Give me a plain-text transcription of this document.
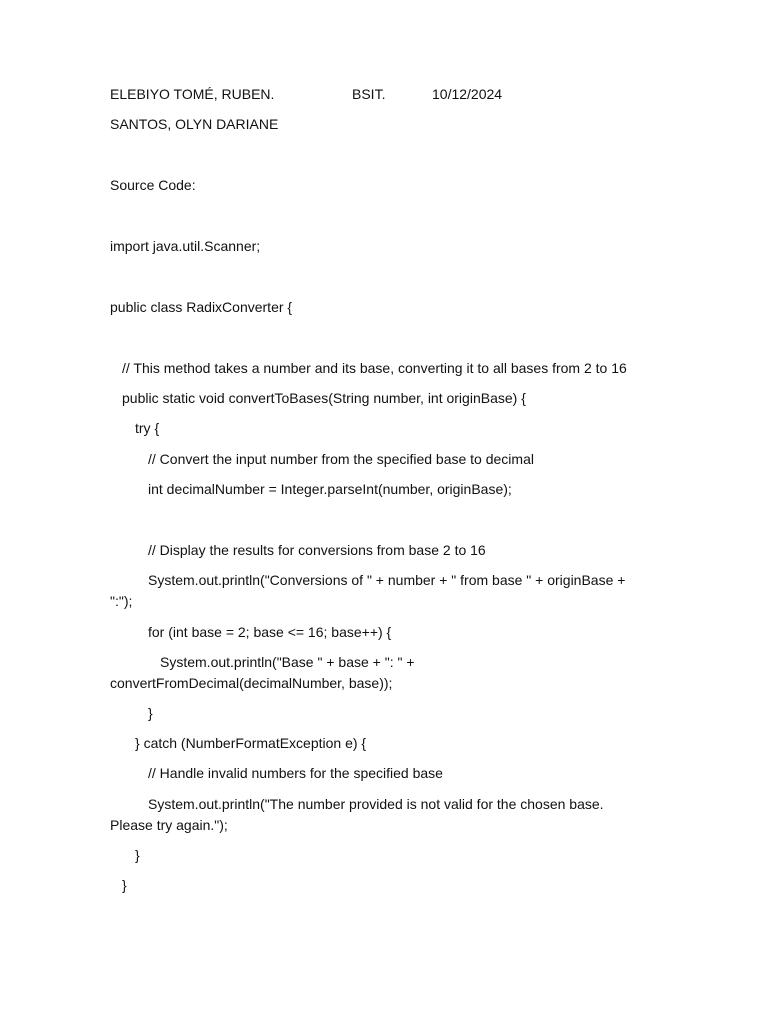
ELEBIYO TOMÉ, RUBEN.	BSIT.	10/12/2024
SANTOS, OLYN DARIANE
Source Code:
import java.util.Scanner;
public class RadixConverter {
// This method takes a number and its base, converting it to all bases from 2 to 16
public static void convertToBases(String number, int originBase) {
try {
// Convert the input number from the specified base to decimal
int decimalNumber = Integer.parseInt(number, originBase);
// Display the results for conversions from base 2 to 16
System.out.println("Conversions of " + number + " from base " + originBase +
":");
for (int base = 2; base <= 16; base++) {
System.out.println("Base " + base + ": " +
convertFromDecimal(decimalNumber, base));
}
} catch (NumberFormatException e) {
// Handle invalid numbers for the specified base
System.out.println("The number provided is not valid for the chosen base.
Please try again.");
}
}
